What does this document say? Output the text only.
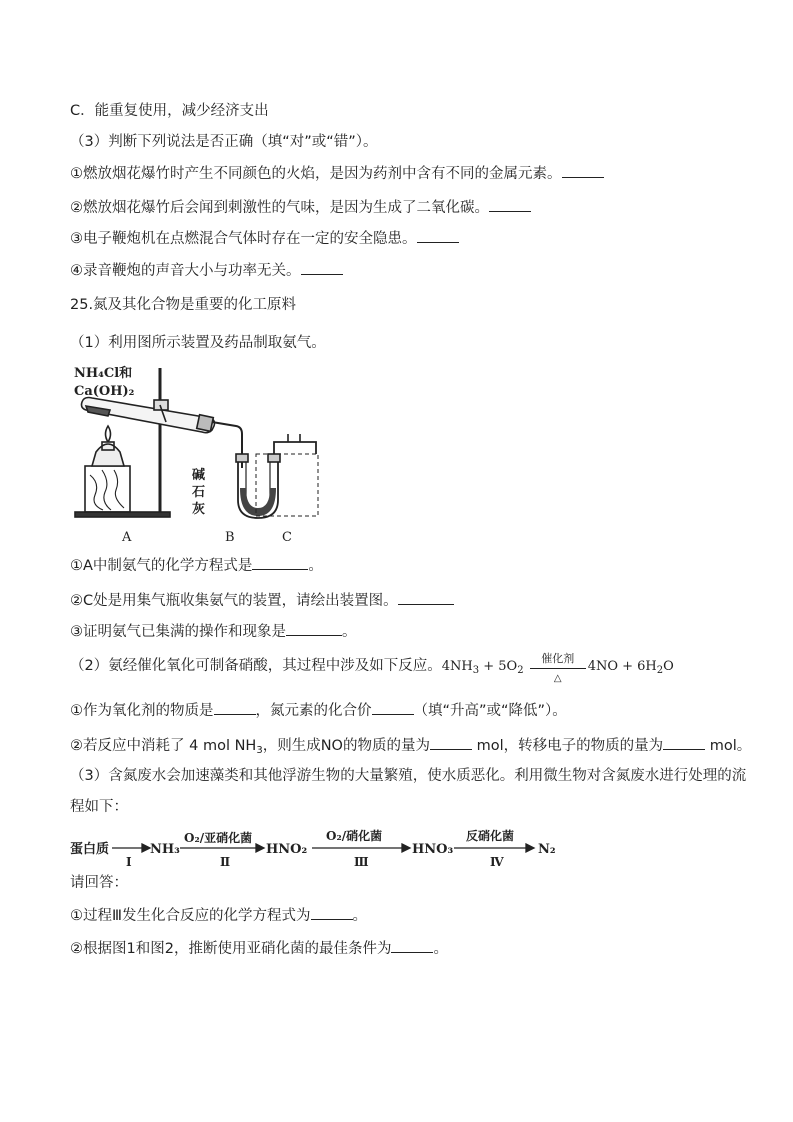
C．能重复使用，减少经济支出
（3）判断下列说法是否正确（填“对”或“错”）。
①燃放烟花爆竹时产生不同颜色的火焰，是因为药剂中含有不同的金属元素。
②燃放烟花爆竹后会闻到刺激性的气味，是因为生成了二氧化碳。
③电子鞭炮机在点燃混合气体时存在一定的安全隐患。
④录音鞭炮的声音大小与功率无关。
25.氮及其化合物是重要的化工原料
（1）利用图所示装置及药品制取氨气。
NH₄Cl和
Ca(OH)₂
碱
石
灰
A	B	C
①A中制氨气的化学方程式是	。
②C处是用集气瓶收集氨气的装置，请绘出装置图。
③证明氨气已集满的操作和现象是	。
（2）氨经催化氧化可制备硝酸，其过程中涉及如下反应。$4NH_3 + 5O_2$
催化剂
△
$4NO + 6H_2O$
①作为氧化剂的物质是	，氮元素的化合价	（填“升高”或“降低”）。
②若反应中消耗了 4 mol $NH_3$，则生成NO的物质的量为	mol，转移电子的物质的量为	mol。
（3）含氮废水会加速藻类和其他浮游生物的大量繁殖，使水质恶化。利用微生物对含氮废水进行处理的流
程如下：
蛋白质	NH₃	HNO₂	HNO₃	N₂
O₂/亚硝化菌	O₂/硝化菌	反硝化菌
Ⅰ	Ⅱ	Ⅲ	Ⅳ
请回答：
①过程Ⅲ发生化合反应的化学方程式为	。
②根据图1和图2，推断使用亚硝化菌的最佳条件为	。
